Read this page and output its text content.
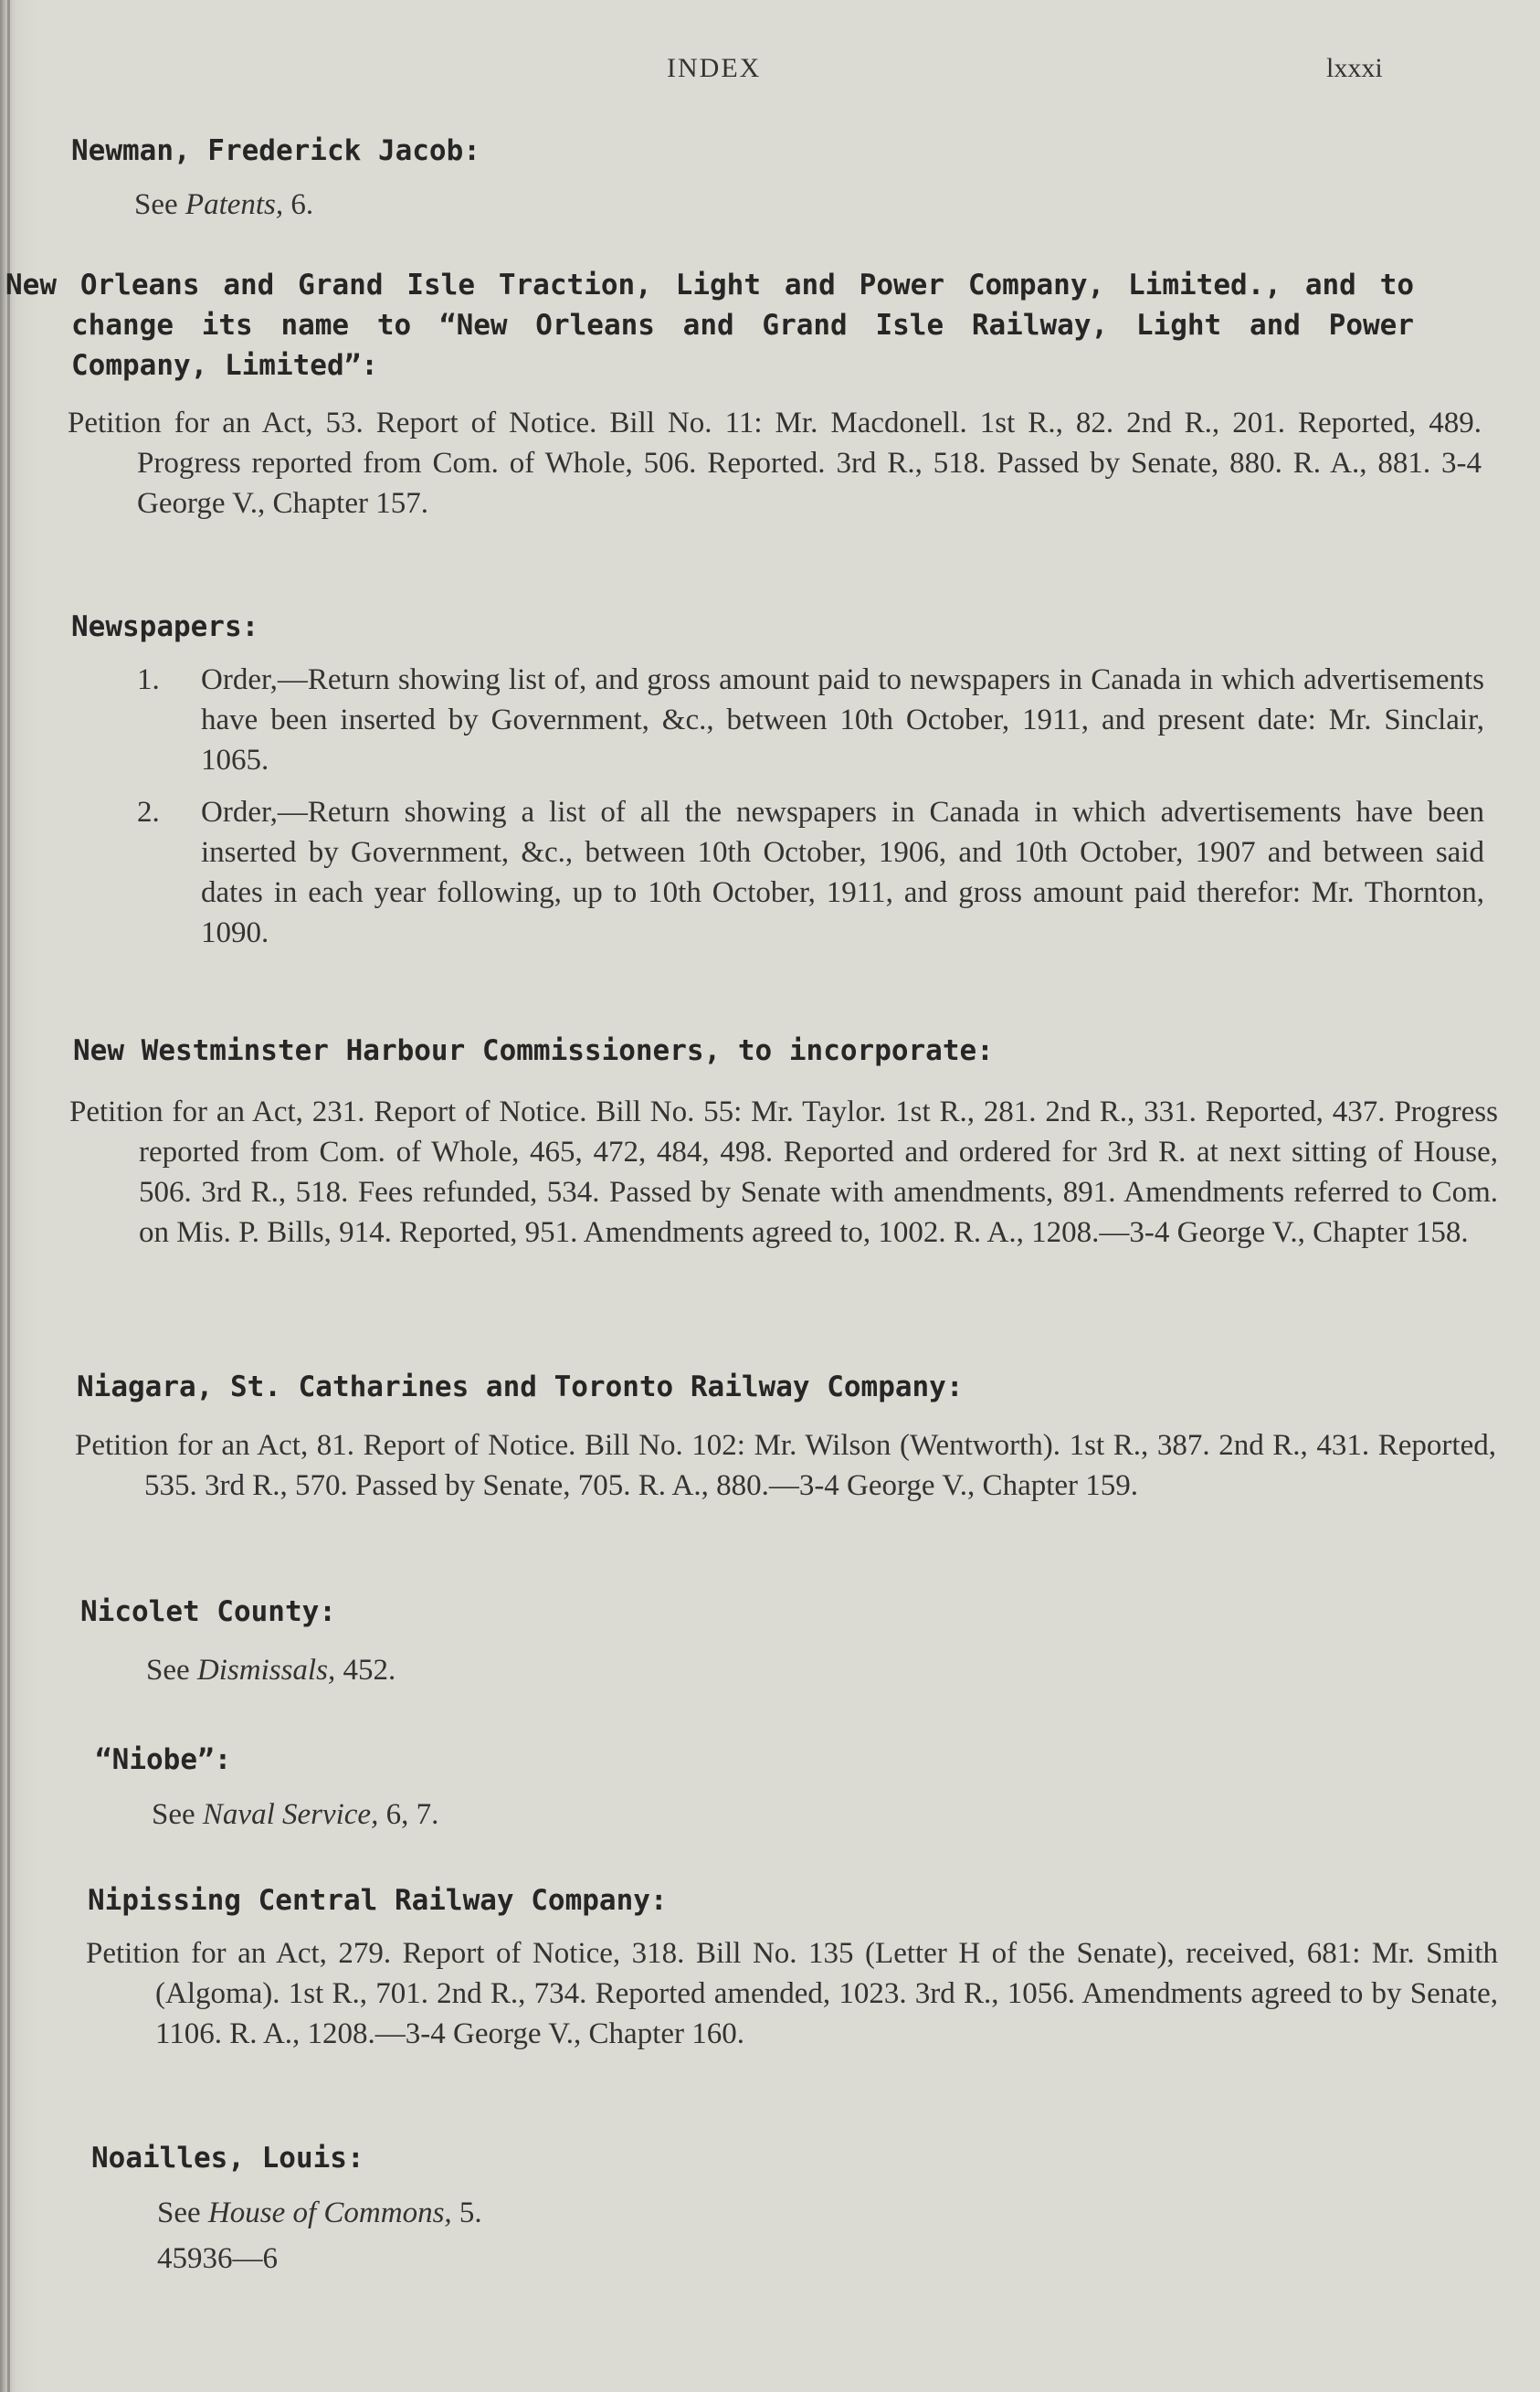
INDEX	lxxxi
Newman, Frederick Jacob:
See Patents, 6.
New Orleans and Grand Isle Traction, Light and Power Company, Limited., and to change its name to “New Orleans and Grand Isle Railway, Light and Power Company, Limited”:
Petition for an Act, 53. Report of Notice. Bill No. 11: Mr. Macdonell. 1st R., 82. 2nd R., 201. Reported, 489. Progress reported from Com. of Whole, 506. Reported. 3rd R., 518. Passed by Senate, 880. R. A., 881. 3-4 George V., Chapter 157.
Newspapers:
1. Order,—Return showing list of, and gross amount paid to newspapers in Canada in which advertisements have been inserted by Government, &c., between 10th October, 1911, and present date: Mr. Sinclair, 1065.
2. Order,—Return showing a list of all the newspapers in Canada in which advertisements have been inserted by Government, &c., between 10th October, 1906, and 10th October, 1907 and between said dates in each year following, up to 10th October, 1911, and gross amount paid therefor: Mr. Thornton, 1090.
New Westminster Harbour Commissioners, to incorporate:
Petition for an Act, 231. Report of Notice. Bill No. 55: Mr. Taylor. 1st R., 281. 2nd R., 331. Reported, 437. Progress reported from Com. of Whole, 465, 472, 484, 498. Reported and ordered for 3rd R. at next sitting of House, 506. 3rd R., 518. Fees refunded, 534. Passed by Senate with amendments, 891. Amendments referred to Com. on Mis. P. Bills, 914. Reported, 951. Amendments agreed to, 1002. R. A., 1208.—3-4 George V., Chapter 158.
Niagara, St. Catharines and Toronto Railway Company:
Petition for an Act, 81. Report of Notice. Bill No. 102: Mr. Wilson (Wentworth). 1st R., 387. 2nd R., 431. Reported, 535. 3rd R., 570. Passed by Senate, 705. R. A., 880.—3-4 George V., Chapter 159.
Nicolet County:
See Dismissals, 452.
“Niobe”:
See Naval Service, 6, 7.
Nipissing Central Railway Company:
Petition for an Act, 279. Report of Notice, 318. Bill No. 135 (Letter H of the Senate), received, 681: Mr. Smith (Algoma). 1st R., 701. 2nd R., 734. Reported amended, 1023. 3rd R., 1056. Amendments agreed to by Senate, 1106. R. A., 1208.—3-4 George V., Chapter 160.
Noailles, Louis:
See House of Commons, 5.
45936—6
